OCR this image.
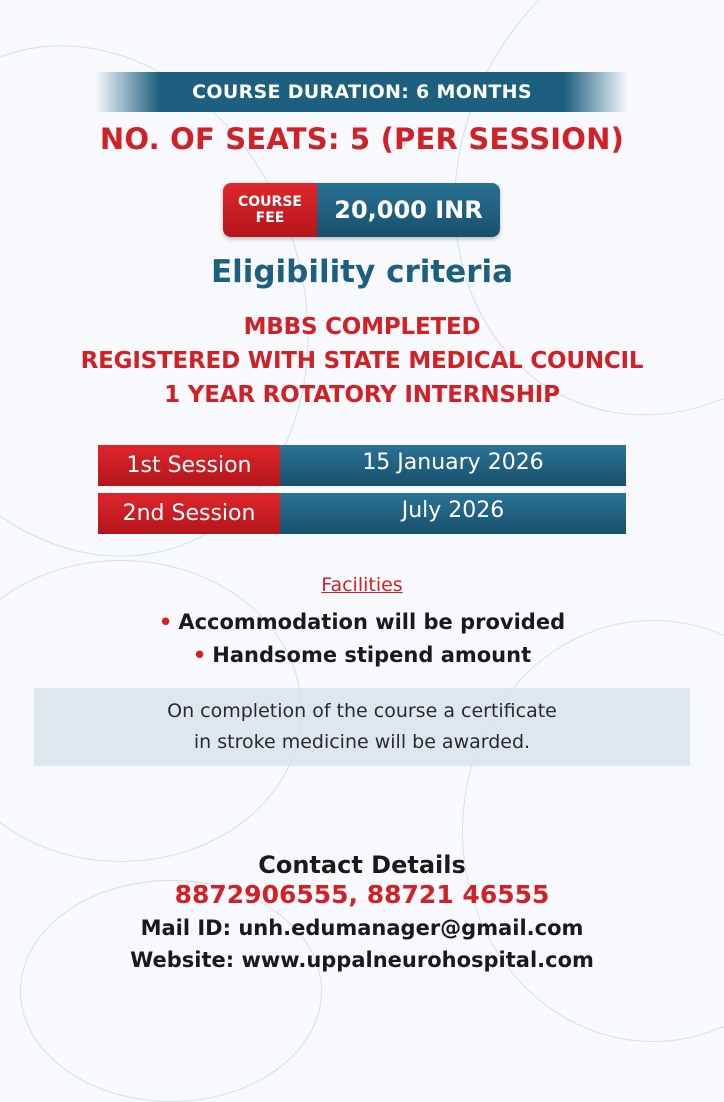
COURSE DURATION: 6 MONTHS
NO. OF SEATS: 5 (PER SESSION)
COURSE
FEE	20,000 INR
Eligibility criteria
MBBS COMPLETED
REGISTERED WITH STATE MEDICAL COUNCIL
1 YEAR ROTATORY INTERNSHIP
1st Session	15 January 2026
2nd Session	July 2026
Facilities
• Accommodation will be provided
• Handsome stipend amount
On completion of the course a certificate
in stroke medicine will be awarded.
Contact Details
8872906555, 88721 46555
Mail ID: unh.edumanager@gmail.com
Website: www.uppalneurohospital.com
